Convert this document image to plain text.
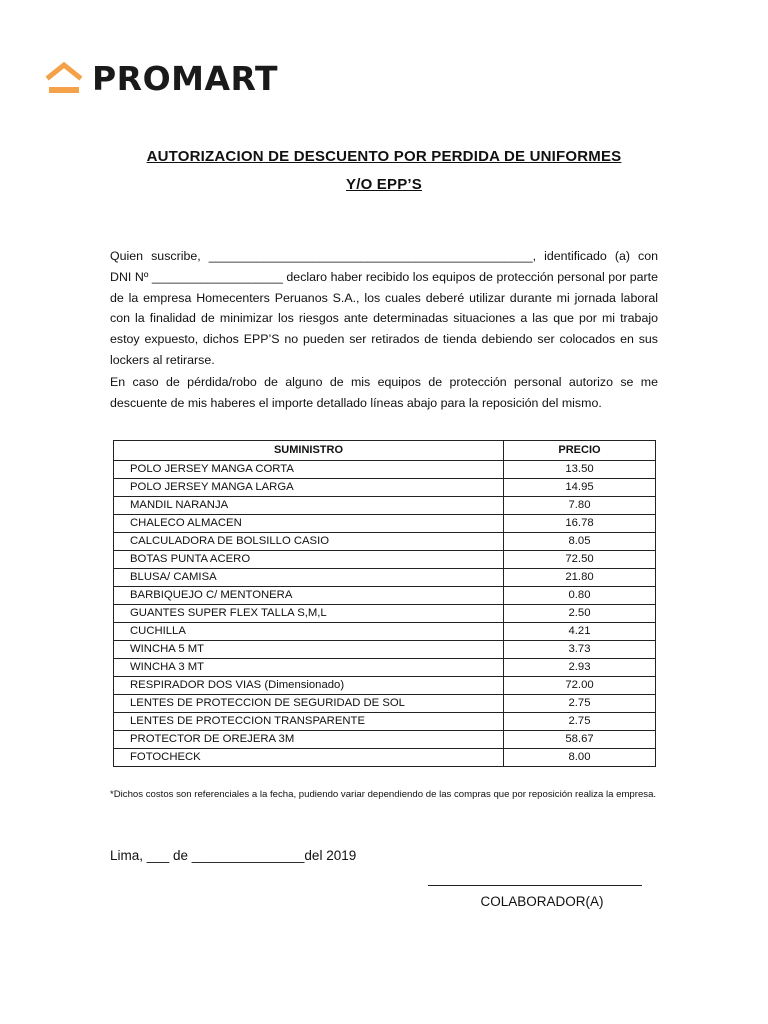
PROMART
AUTORIZACION DE DESCUENTO POR PERDIDA DE UNIFORMES
Y/O EPP’S
Quien suscribe, _______________________________________________, identificado (a) con DNI Nº ___________________ declaro haber recibido los equipos de protección personal por parte de la empresa Homecenters Peruanos S.A., los cuales deberé utilizar durante mi jornada laboral con la finalidad de minimizar los riesgos ante determinadas situaciones a las que por mi trabajo estoy expuesto, dichos EPP’S no pueden ser retirados de tienda debiendo ser colocados en sus lockers al retirarse.
En caso de pérdida/robo de alguno de mis equipos de protección personal autorizo se me descuente de mis haberes el importe detallado líneas abajo para la reposición del mismo.
SUMINISTRO	PRECIO
POLO JERSEY MANGA CORTA	13.50
POLO JERSEY MANGA LARGA	14.95
MANDIL NARANJA	7.80
CHALECO ALMACEN	16.78
CALCULADORA DE BOLSILLO CASIO	8.05
BOTAS PUNTA ACERO	72.50
BLUSA/ CAMISA	21.80
BARBIQUEJO C/ MENTONERA	0.80
GUANTES SUPER FLEX TALLA S,M,L	2.50
CUCHILLA	4.21
WINCHA 5 MT	3.73
WINCHA 3 MT	2.93
RESPIRADOR DOS VIAS (Dimensionado)	72.00
LENTES DE PROTECCION DE SEGURIDAD DE SOL	2.75
LENTES DE PROTECCION TRANSPARENTE	2.75
PROTECTOR DE OREJERA 3M	58.67
FOTOCHECK	8.00
*Dichos costos son referenciales a la fecha, pudiendo variar dependiendo de las compras que por reposición realiza la empresa.
Lima, ___ de _______________del 2019
COLABORADOR(A)
